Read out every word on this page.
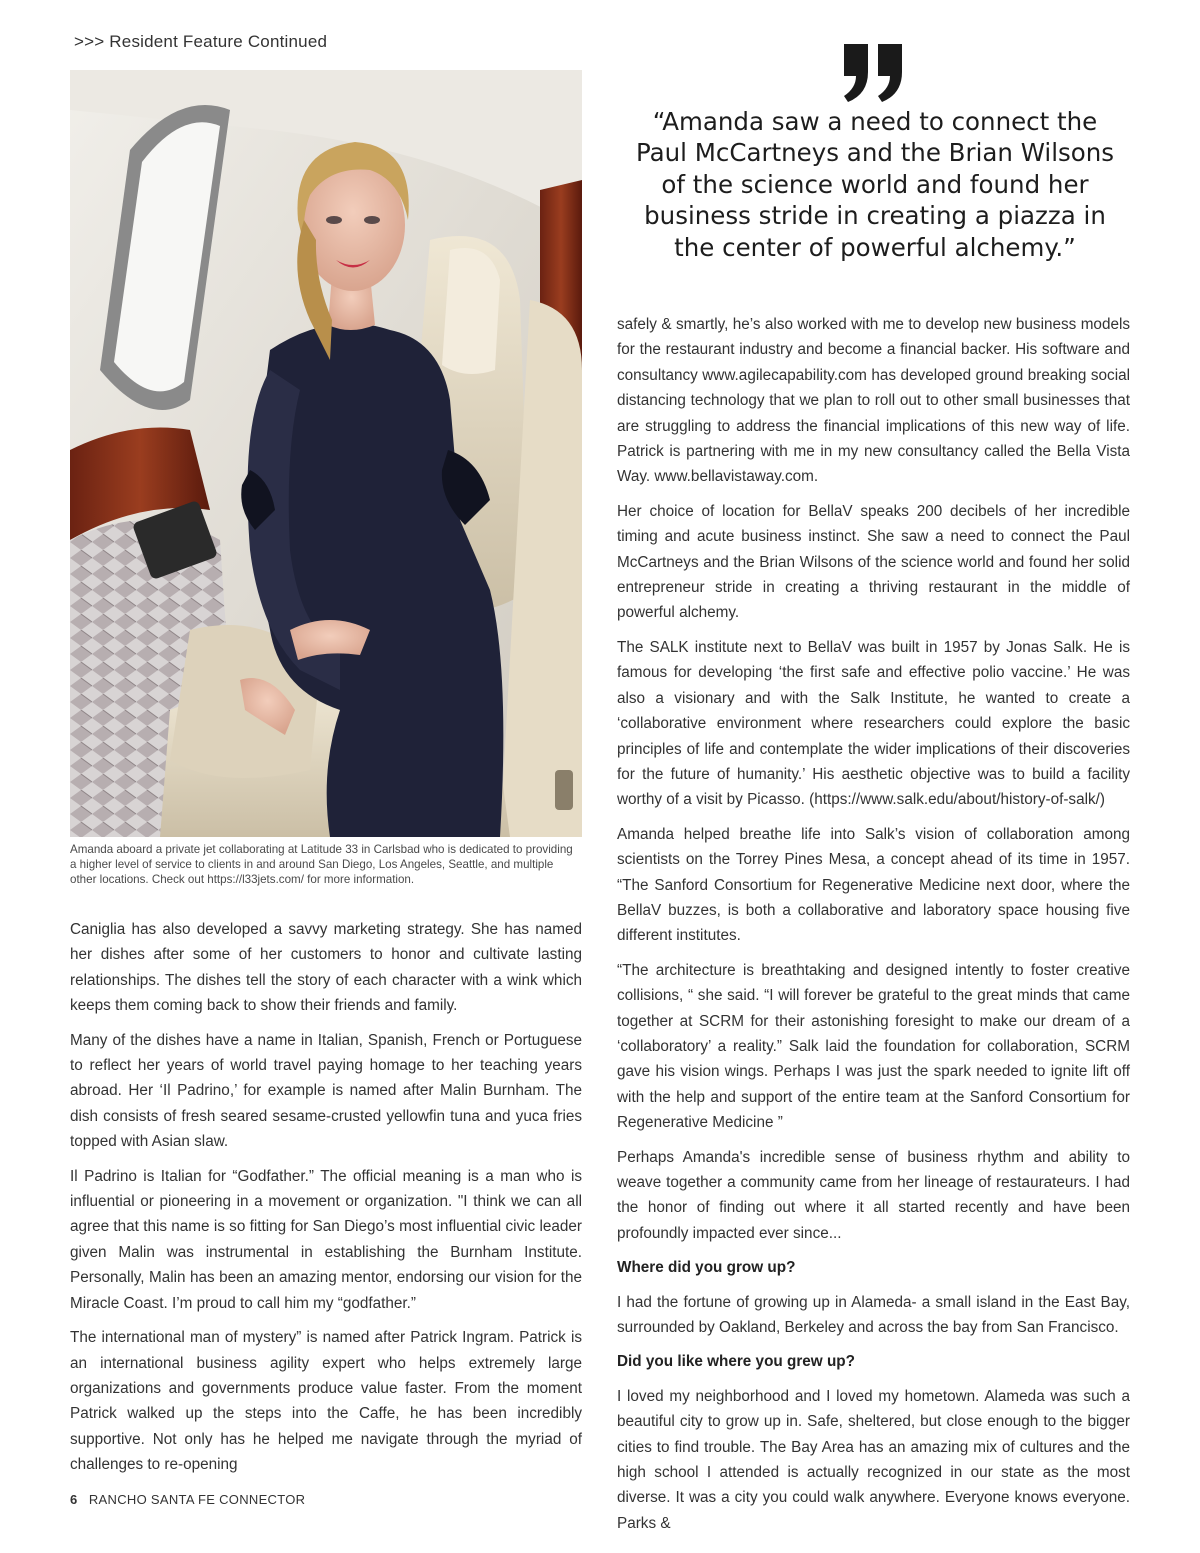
>>> Resident Feature Continued
Amanda aboard a private jet collaborating at Latitude 33 in Carlsbad who is dedicated to providing a higher level of service to clients in and around San Diego, Los Angeles, Seattle, and multiple other locations. Check out https://l33jets.com/ for more information.
“Amanda saw a need to connect the Paul McCartneys and the Brian Wilsons of the science world and found her business stride in creating a piazza in the center of powerful alchemy.”

Caniglia has also developed a savvy marketing strategy. She has named her dishes after some of her customers to honor and cultivate lasting relationships. The dishes tell the story of each character with a wink which keeps them coming back to show their friends and family.

Many of the dishes have a name in Italian, Spanish, French or Portuguese to reflect her years of world travel paying homage to her teaching years abroad. Her ‘Il Padrino,’ for example is named after Malin Burnham. The dish consists of fresh seared sesame-crusted yellowfin tuna and yuca fries topped with Asian slaw.

Il Padrino is Italian for “Godfather.” The official meaning is a man who is influential or pioneering in a movement or organization. "I think we can all agree that this name is so fitting for San Diego’s most influential civic leader given Malin was instrumental in establishing the Burnham Institute. Personally, Malin has been an amazing mentor, endorsing our vision for the Miracle Coast. I’m proud to call him my “godfather.”

The international man of mystery” is named after Patrick Ingram. Patrick is an international business agility expert who helps extremely large organizations and governments produce value faster. From the moment Patrick walked up the steps into the Caffe, he has been incredibly supportive. Not only has he helped me navigate through the myriad of challenges to re-opening

safely & smartly, he’s also worked with me to develop new business models for the restaurant industry and become a financial backer. His software and consultancy www.agilecapability.com has developed ground breaking social distancing technology that we plan to roll out to other small businesses that are struggling to address the financial implications of this new way of life. Patrick is partnering with me in my new consultancy called the Bella Vista Way. www.bellavistaway.com.

Her choice of location for BellaV speaks 200 decibels of her incredible timing and acute business instinct. She saw a need to connect the Paul McCartneys and the Brian Wilsons of the science world and found her solid entrepreneur stride in creating a thriving restaurant in the middle of powerful alchemy.

The SALK institute next to BellaV was built in 1957 by Jonas Salk. He is famous for developing ‘the first safe and effective polio vaccine.’ He was also a visionary and with the Salk Institute, he wanted to create a ‘collaborative environment where researchers could explore the basic principles of life and contemplate the wider implications of their discoveries for the future of humanity.’ His aesthetic objective was to build a facility worthy of a visit by Picasso. (https://www.salk.edu/about/history-of-salk/)

Amanda helped breathe life into Salk’s vision of collaboration among scientists on the Torrey Pines Mesa, a concept ahead of its time in 1957. “The Sanford Consortium for Regenerative Medicine next door, where the BellaV buzzes, is both a collaborative and laboratory space housing five different institutes.

“The architecture is breathtaking and designed intently to foster creative collisions, “ she said. “I will forever be grateful to the great minds that came together at SCRM for their astonishing foresight to make our dream of a ‘collaboratory’ a reality.” Salk laid the foundation for collaboration, SCRM gave his vision wings. Perhaps I was just the spark needed to ignite lift off with the help and support of the entire team at the Sanford Consortium for Regenerative Medicine ”

Perhaps Amanda's incredible sense of business rhythm and ability to weave together a community came from her lineage of restaurateurs. I had the honor of finding out where it all started recently and have been profoundly impacted ever since...

Where did you grow up?

I had the fortune of growing up in Alameda- a small island in the East Bay, surrounded by Oakland, Berkeley and across the bay from San Francisco.

Did you like where you grew up?

I loved my neighborhood and I loved my hometown. Alameda was such a beautiful city to grow up in. Safe, sheltered, but close enough to the bigger cities to find trouble. The Bay Area has an amazing mix of cultures and the high school I attended is actually recognized in our state as the most diverse. It was a city you could walk anywhere. Everyone knows everyone. Parks &

6 RANCHO SANTA FE CONNECTOR
